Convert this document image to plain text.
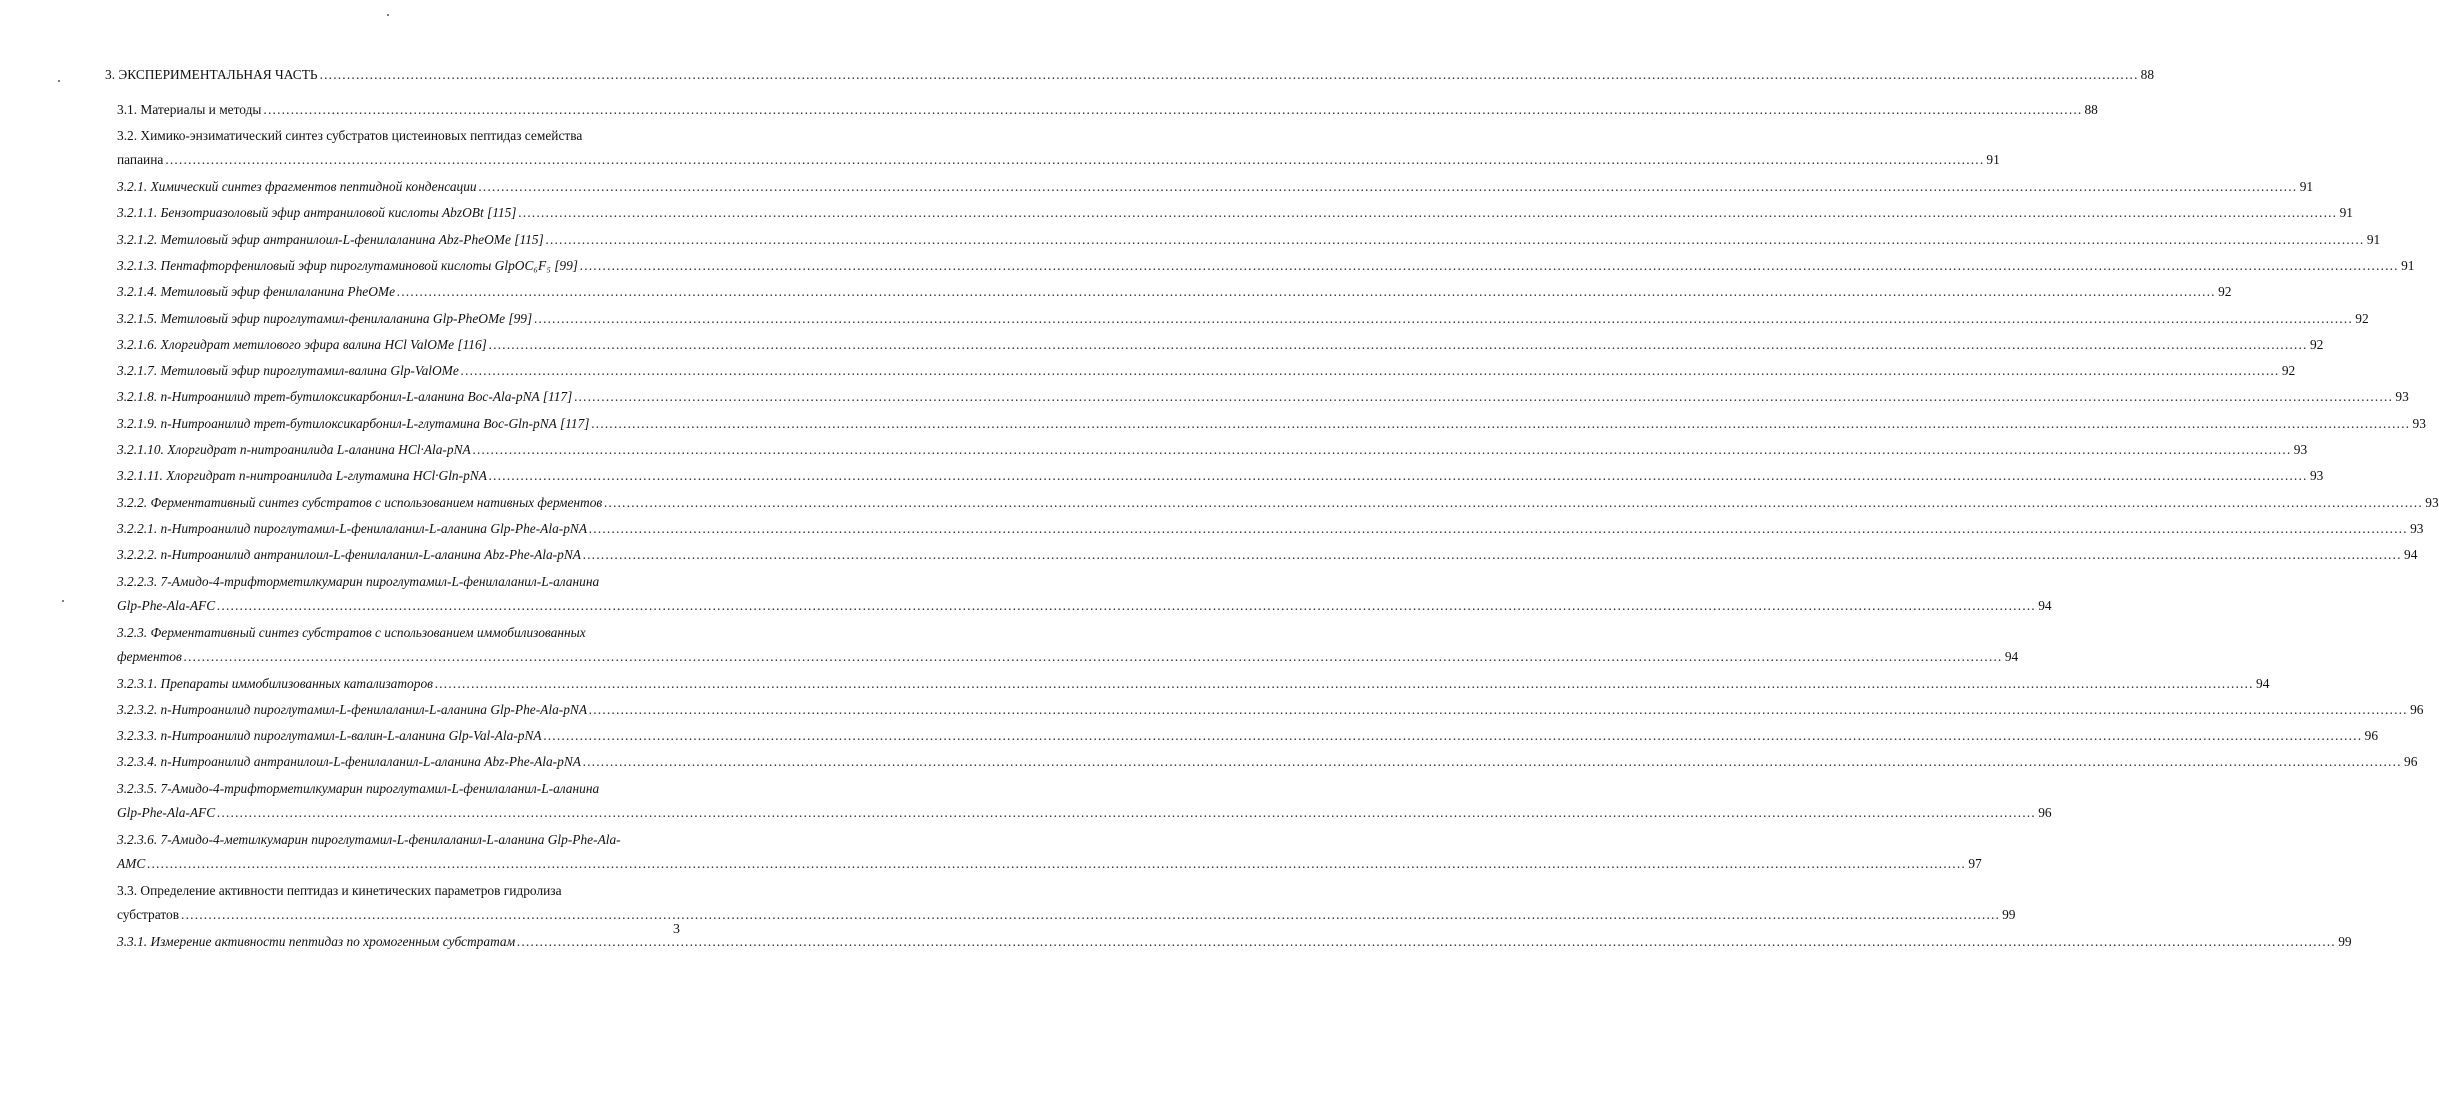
3. ЭКСПЕРИМЕНТАЛЬНАЯ ЧАСТЬ ................................................................................................................................................................................................................................................................................................................................................................................................................ 88
3.1. Материалы и методы ................................................................................................................................................................................................................................................................................................................................................................................................................ 88
3.2. Химико-энзиматический синтез субстратов цистеиновых пептидаз семейства
папаина ................................................................................................................................................................................................................................................................................................................................................................................................................ 91
3.2.1. Химический синтез фрагментов пептидной конденсации ................................................................................................................................................................................................................................................................................................................................................................................................................ 91
3.2.1.1. Бензотриазоловый эфир антраниловой кислоты AbzOBt [115] ................................................................................................................................................................................................................................................................................................................................................................................................................ 91
3.2.1.2. Метиловый эфир антранилоил-L-фенилаланина Abz-PheOMe [115] ................................................................................................................................................................................................................................................................................................................................................................................................................ 91
3.2.1.3. Пентафторфениловый эфир пироглутаминовой кислоты GlpOC₆F₅ [99] ................................................................................................................................................................................................................................................................................................................................................................................................................ 91
3.2.1.4. Метиловый эфир фенилаланина PheOMe ................................................................................................................................................................................................................................................................................................................................................................................................................ 92
3.2.1.5. Метиловый эфир пироглутамил-фенилаланина Glp-PheOMe [99] ................................................................................................................................................................................................................................................................................................................................................................................................................ 92
3.2.1.6. Хлоргидрат метилового эфира валина HCl ValOMe [116] ................................................................................................................................................................................................................................................................................................................................................................................................................ 92
3.2.1.7. Метиловый эфир пироглутамил-валина Glp-ValOMe ................................................................................................................................................................................................................................................................................................................................................................................................................ 92
3.2.1.8. п-Нитроанилид трет-бутилоксикарбонил-L-аланина Boc-Ala-pNA [117] ................................................................................................................................................................................................................................................................................................................................................................................................................ 93
3.2.1.9. п-Нитроанилид трет-бутилоксикарбонил-L-глутамина Boc-Gln-pNA [117] ................................................................................................................................................................................................................................................................................................................................................................................................................ 93
3.2.1.10. Хлоргидрат п-нитроанилида L-аланина HCl·Ala-pNA ................................................................................................................................................................................................................................................................................................................................................................................................................ 93
3.2.1.11. Хлоргидрат п-нитроанилида L-глутамина HCl·Gln-pNA ................................................................................................................................................................................................................................................................................................................................................................................................................ 93
3.2.2. Ферментативный синтез субстратов с использованием нативных ферментов ................................................................................................................................................................................................................................................................................................................................................................................................................ 93
3.2.2.1. п-Нитроанилид пироглутамил-L-фенилаланил-L-аланина Glp-Phe-Ala-pNA ................................................................................................................................................................................................................................................................................................................................................................................................................ 93
3.2.2.2. п-Нитроанилид антранилоил-L-фенилаланил-L-аланина Abz-Phe-Ala-pNA ................................................................................................................................................................................................................................................................................................................................................................................................................ 94
3.2.2.3. 7-Амидо-4-трифторметилкумарин пироглутамил-L-фенилаланил-L-аланина
Glp-Phe-Ala-AFC ................................................................................................................................................................................................................................................................................................................................................................................................................ 94
3.2.3. Ферментативный синтез субстратов с использованием иммобилизованных
ферментов ................................................................................................................................................................................................................................................................................................................................................................................................................ 94
3.2.3.1. Препараты иммобилизованных катализаторов ................................................................................................................................................................................................................................................................................................................................................................................................................ 94
3.2.3.2. п-Нитроанилид пироглутамил-L-фенилаланил-L-аланина Glp-Phe-Ala-pNA ................................................................................................................................................................................................................................................................................................................................................................................................................ 96
3.2.3.3. п-Нитроанилид пироглутамил-L-валин-L-аланина Glp-Val-Ala-pNA ................................................................................................................................................................................................................................................................................................................................................................................................................ 96
3.2.3.4. п-Нитроанилид антранилоил-L-фенилаланил-L-аланина Abz-Phe-Ala-pNA ................................................................................................................................................................................................................................................................................................................................................................................................................ 96
3.2.3.5. 7-Амидо-4-трифторметилкумарин пироглутамил-L-фенилаланил-L-аланина
Glp-Phe-Ala-AFC ................................................................................................................................................................................................................................................................................................................................................................................................................ 96
3.2.3.6. 7-Амидо-4-метилкумарин пироглутамил-L-фенилаланил-L-аланина Glp-Phe-Ala-
AMC ................................................................................................................................................................................................................................................................................................................................................................................................................ 97
3.3. Определение активности пептидаз и кинетических параметров гидролиза
субстратов ................................................................................................................................................................................................................................................................................................................................................................................................................ 99
3.3.1. Измерение активности пептидаз по хромогенным субстратам ................................................................................................................................................................................................................................................................................................................................................................................................................ 99
3
